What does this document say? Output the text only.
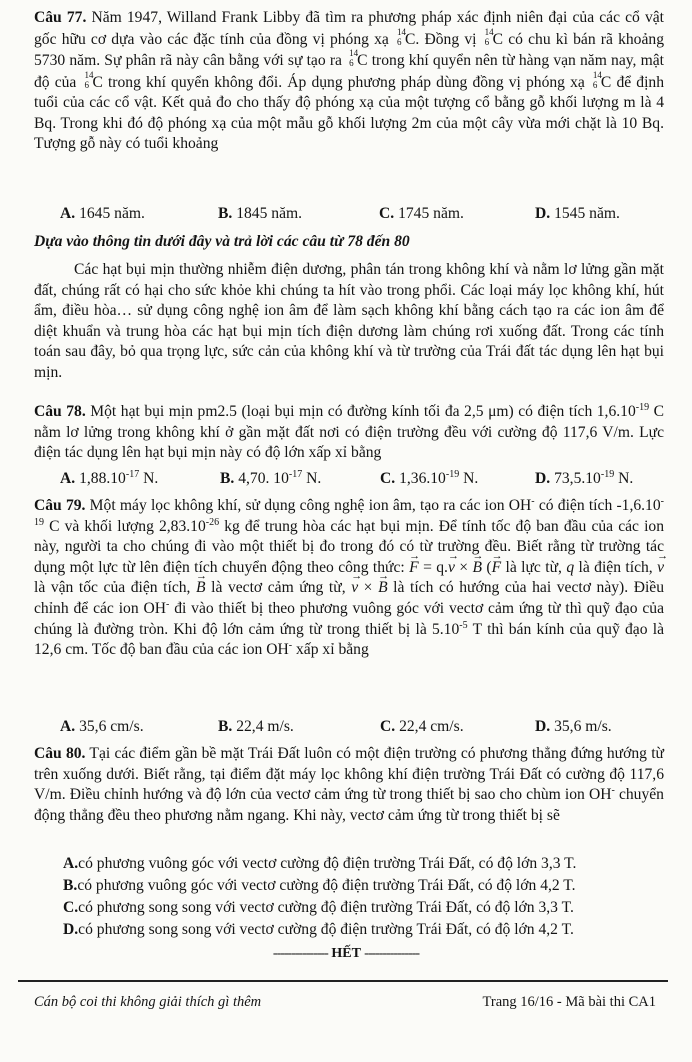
Câu 77. Năm 1947, Willand Frank Libby đã tìm ra phương pháp xác định niên đại của các cổ vật gốc hữu cơ dựa vào các đặc tính của đồng vị phóng xạ 14
6 C. Đồng vị 14
6 C có chu kì bán rã khoảng 5730 năm. Sự phân rã này cân bằng với sự tạo ra 14
6 C trong khí quyển nên từ hàng vạn năm nay, mật độ của 14
6 C trong khí quyển không đổi. Áp dụng phương pháp dùng đồng vị phóng xạ 14
6 C để định tuổi của các cổ vật. Kết quả đo cho thấy độ phóng xạ của một tượng cổ bằng gỗ khối lượng m là 4 Bq. Trong khi đó độ phóng xạ của một mẫu gỗ khối lượng 2m của một cây vừa mới chặt là 10 Bq. Tượng gỗ này có tuổi khoảng

A. 1645 năm.	B. 1845 năm.	C. 1745 năm.	D. 1545 năm.
Dựa vào thông tin dưới đây và trả lời các câu từ 78 đến 80

Các hạt bụi mịn thường nhiễm điện dương, phân tán trong không khí và nằm lơ lửng gần mặt đất, chúng rất có hại cho sức khỏe khi chúng ta hít vào trong phổi. Các loại máy lọc không khí, hút ẩm, điều hòa… sử dụng công nghệ ion âm để làm sạch không khí bằng cách tạo ra các ion âm để diệt khuẩn và trung hòa các hạt bụi mịn tích điện dương làm chúng rơi xuống đất. Trong các tính toán sau đây, bỏ qua trọng lực, sức cản của không khí và từ trường của Trái đất tác dụng lên hạt bụi mịn.

Câu 78. Một hạt bụi mịn pm2.5 (loại bụi mịn có đường kính tối đa 2,5 μm) có điện tích $1,6.10^{-19}$ C nằm lơ lửng trong không khí ở gần mặt đất nơi có điện trường đều với cường độ 117,6 V/m. Lực điện tác dụng lên hạt bụi mịn này có độ lớn xấp xỉ bằng

A. $1,88.10^{-17}$ N.	B. 4,70. $10^{-17}$ N.	C. $1,36.10^{-19}$ N.	D. $73,5.10^{-19}$ N.

Câu 79. Một máy lọc không khí, sử dụng công nghệ ion âm, tạo ra các ion OH- có điện tích $-1,6.10^{-19}$ C và khối lượng $2,83.10^{-26}$ kg để trung hòa các hạt bụi mịn. Để tính tốc độ ban đầu của các ion này, người ta cho chúng đi vào một thiết bị đo trong đó có từ trường đều. Biết rằng từ trường tác dụng một lực từ lên điện tích chuyển động theo công thức: → F = q.→ v × → B (→ F là lực từ, q là điện tích, → v là vận tốc của điện tích, → B là vectơ cảm ứng từ, → v × → B là tích có hướng của hai vectơ này). Điều chỉnh để các ion OH- đi vào thiết bị theo phương vuông góc với vectơ cảm ứng từ thì quỹ đạo của chúng là đường tròn. Khi độ lớn cảm ứng từ trong thiết bị là $5.10^{-5}$ T thì bán kính của quỹ đạo là 12,6 cm. Tốc độ ban đầu của các ion OH- xấp xỉ bằng

A. 35,6 cm/s.	B. 22,4 m/s.	C. 22,4 cm/s.	D. 35,6 m/s.

Câu 80. Tại các điểm gần bề mặt Trái Đất luôn có một điện trường có phương thẳng đứng hướng từ trên xuống dưới. Biết rằng, tại điểm đặt máy lọc không khí điện trường Trái Đất có cường độ 117,6 V/m. Điều chỉnh hướng và độ lớn của vectơ cảm ứng từ trong thiết bị sao cho chùm ion OH- chuyển động thẳng đều theo phương nằm ngang. Khi này, vectơ cảm ứng từ trong thiết bị sẽ

A.có phương vuông góc với vectơ cường độ điện trường Trái Đất, có độ lớn 3,3 T.
B.có phương vuông góc với vectơ cường độ điện trường Trái Đất, có độ lớn 4,2 T.
C.có phương song song với vectơ cường độ điện trường Trái Đất, có độ lớn 3,3 T.
D.có phương song song với vectơ cường độ điện trường Trái Đất, có độ lớn 4,2 T.
--------------- HẾT ---------------
Cán bộ coi thi không giải thích gì thêm	Trang 16/16 - Mã bài thi CA1
